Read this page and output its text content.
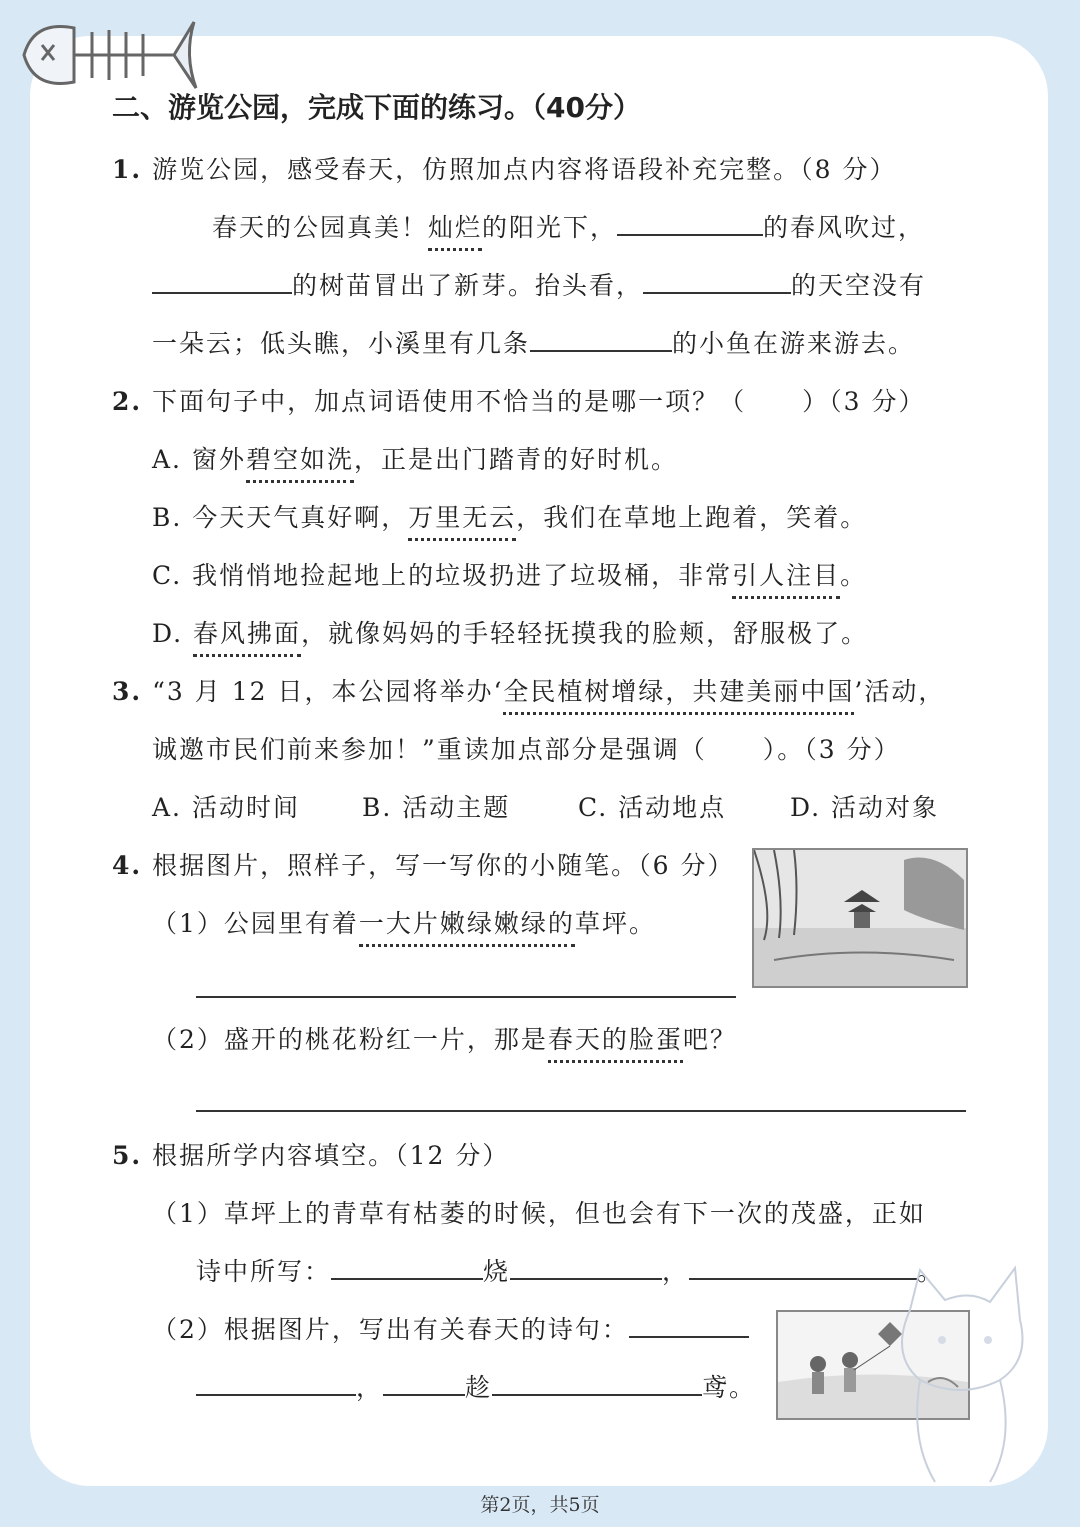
二、游览公园，完成下面的练习。（40分）
1. 游览公园，感受春天，仿照加点内容将语段补充完整。（8 分）
春天的公园真美！灿烂的阳光下，	的春风吹过，
的树苗冒出了新芽。抬头看，	的天空没有
一朵云；低头瞧，小溪里有几条	的小鱼在游来游去。
2. 下面句子中，加点词语使用不恰当的是哪一项？（ ）（3 分）
A. 窗外碧空如洗，正是出门踏青的好时机。
B. 今天天气真好啊，万里无云，我们在草地上跑着，笑着。
C. 我悄悄地捡起地上的垃圾扔进了垃圾桶，非常引人注目。
D. 春风拂面，就像妈妈的手轻轻抚摸我的脸颊，舒服极了。
3. “3 月 12 日，本公园将举办‘全民植树增绿，共建美丽中国’活动，
诚邀市民们前来参加！”重读加点部分是强调（ ）。（3 分）
A. 活动时间 B. 活动主题	C. 活动地点	D. 活动对象
4. 根据图片，照样子，写一写你的小随笔。（6 分）
（1）公园里有着一大片嫩绿嫩绿的草坪。
（2）盛开的桃花粉红一片，那是春天的脸蛋吧？
5. 根据所学内容填空。（12 分）
（1）草坪上的青草有枯萎的时候，但也会有下一次的茂盛，正如
诗中所写：	烧	，	。
（2）根据图片，写出有关春天的诗句：
，	趁	鸢。
第2页，共5页
